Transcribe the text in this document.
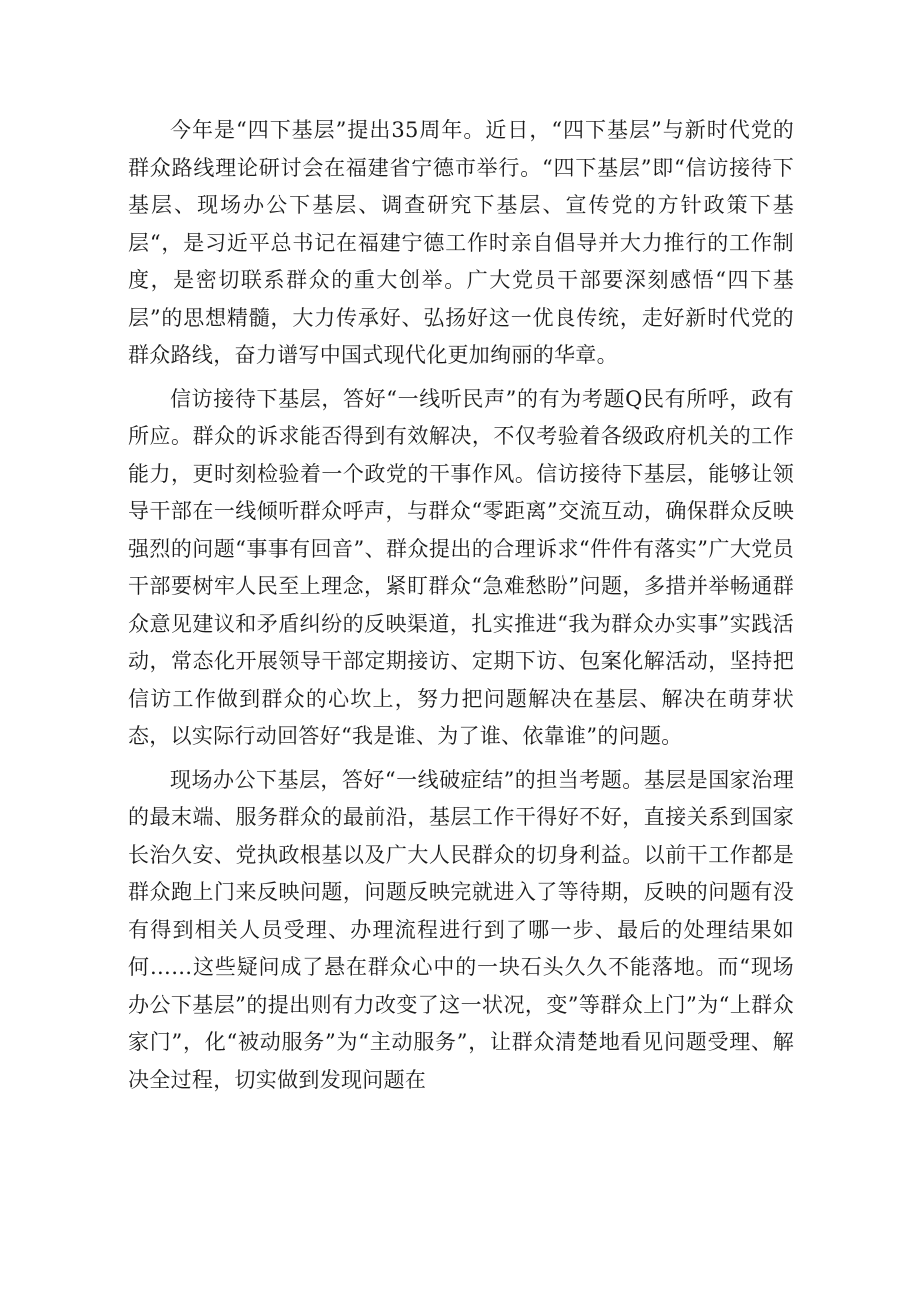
今年是“四下基层”提出35周年。近日，“四下基层”与新时代党的群众路线理论研讨会在福建省宁德市举行。“四下基层”即“信访接待下基层、现场办公下基层、调查研究下基层、宣传党的方针政策下基层“，是习近平总书记在福建宁德工作时亲自倡导并大力推行的工作制度，是密切联系群众的重大创举。广大党员干部要深刻感悟“四下基层”的思想精髓，大力传承好、弘扬好这一优良传统，走好新时代党的群众路线，奋力谱写中国式现代化更加绚丽的华章。

信访接待下基层，答好“一线听民声”的有为考题Q民有所呼，政有所应。群众的诉求能否得到有效解决，不仅考验着各级政府机关的工作能力，更时刻检验着一个政党的干事作风。信访接待下基层，能够让领导干部在一线倾听群众呼声，与群众“零距离”交流互动，确保群众反映强烈的问题“事事有回音”、群众提出的合理诉求“件件有落实”广大党员干部要树牢人民至上理念，紧盯群众“急难愁盼”问题，多措并举畅通群众意见建议和矛盾纠纷的反映渠道，扎实推进“我为群众办实事”实践活动，常态化开展领导干部定期接访、定期下访、包案化解活动，坚持把信访工作做到群众的心坎上，努力把问题解决在基层、解决在萌芽状态，以实际行动回答好“我是谁、为了谁、依靠谁”的问题。

现场办公下基层，答好“一线破症结”的担当考题。基层是国家治理的最末端、服务群众的最前沿，基层工作干得好不好，直接关系到国家长治久安、党执政根基以及广大人民群众的切身利益。以前干工作都是群众跑上门来反映问题，问题反映完就进入了等待期，反映的问题有没有得到相关人员受理、办理流程进行到了哪一步、最后的处理结果如何……这些疑问成了悬在群众心中的一块石头久久不能落地。而“现场办公下基层”的提出则有力改变了这一状况，变”等群众上门”为“上群众家门”，化“被动服务”为“主动服务”，让群众清楚地看见问题受理、解决全过程，切实做到发现问题在
